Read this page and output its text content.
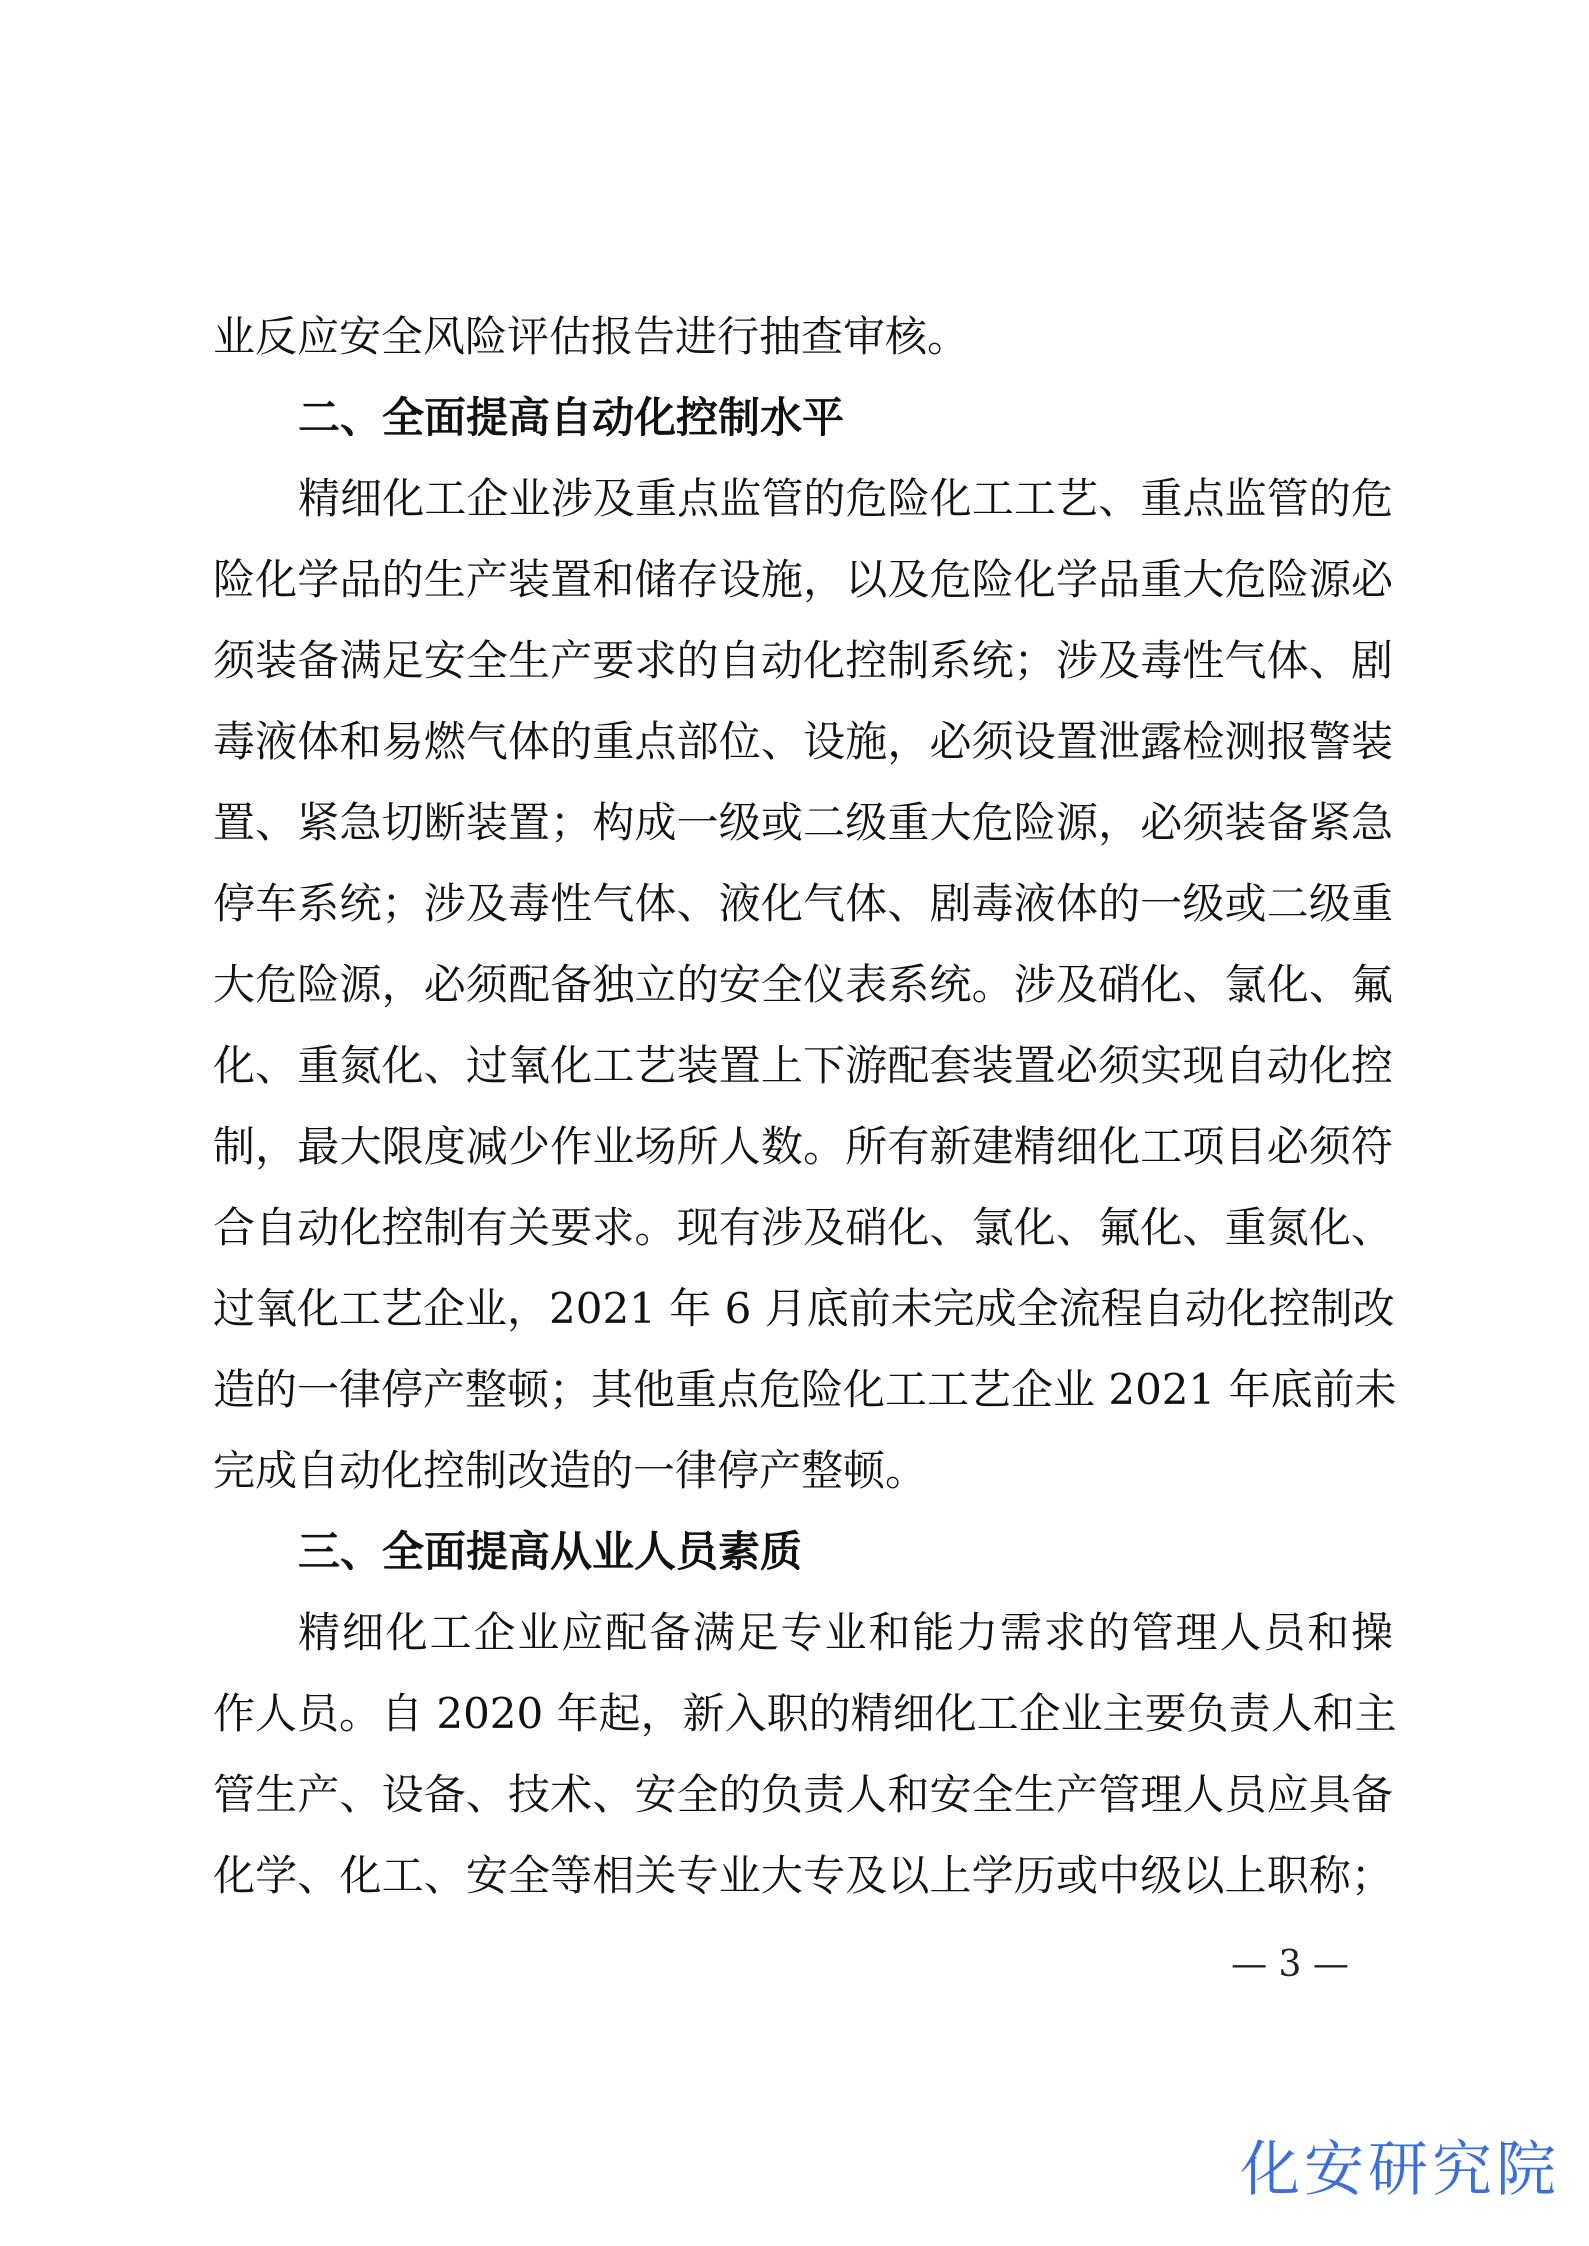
业反应安全风险评估报告进行抽查审核。
二、全面提高自动化控制水平
精细化工企业涉及重点监管的危险化工工艺、重点监管的危
险化学品的生产装置和储存设施，以及危险化学品重大危险源必
须装备满足安全生产要求的自动化控制系统；涉及毒性气体、剧
毒液体和易燃气体的重点部位、设施，必须设置泄露检测报警装
置、紧急切断装置；构成一级或二级重大危险源，必须装备紧急
停车系统；涉及毒性气体、液化气体、剧毒液体的一级或二级重
大危险源，必须配备独立的安全仪表系统。涉及硝化、氯化、氟
化、重氮化、过氧化工艺装置上下游配套装置必须实现自动化控
制，最大限度减少作业场所人数。所有新建精细化工项目必须符
合自动化控制有关要求。现有涉及硝化、氯化、氟化、重氮化、
过氧化工艺企业，2021 年 6 月底前未完成全流程自动化控制改
造的一律停产整顿；其他重点危险化工工艺企业 2021 年底前未
完成自动化控制改造的一律停产整顿。
三、全面提高从业人员素质
精细化工企业应配备满足专业和能力需求的管理人员和操
作人员。自 2020 年起，新入职的精细化工企业主要负责人和主
管生产、设备、技术、安全的负责人和安全生产管理人员应具备
化学、化工、安全等相关专业大专及以上学历或中级以上职称；
— 3 —
化安研究院
